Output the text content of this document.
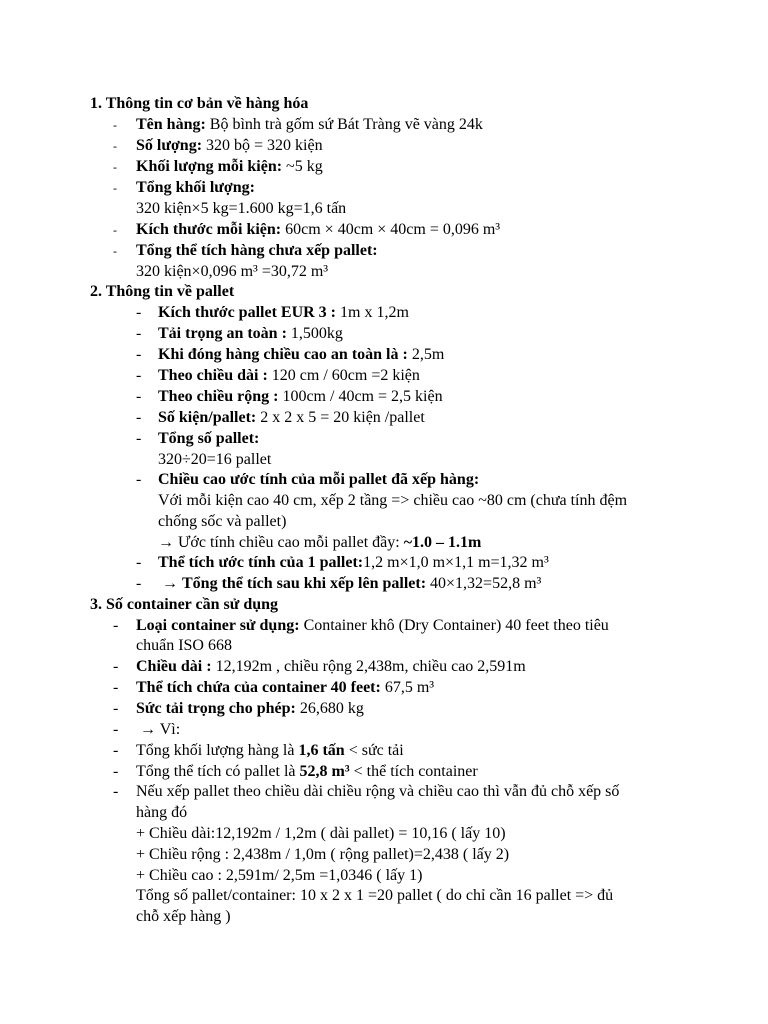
1. Thông tin cơ bản về hàng hóa
- Tên hàng: Bộ bình trà gốm sứ Bát Tràng vẽ vàng 24k
- Số lượng: 320 bộ = 320 kiện
- Khối lượng mỗi kiện: ~5 kg
- Tổng khối lượng:
320 kiện×5 kg=1.600 kg=1,6 tấn
- Kích thước mỗi kiện: 60cm × 40cm × 40cm = 0,096 m³
- Tổng thể tích hàng chưa xếp pallet:
320 kiện×0,096 m³ =30,72 m³
2. Thông tin về pallet
- Kích thước pallet EUR 3 : 1m x 1,2m
- Tải trọng an toàn : 1,500kg
- Khi đóng hàng chiều cao an toàn là : 2,5m
- Theo chiều dài : 120 cm / 60cm =2 kiện
- Theo chiều rộng : 100cm / 40cm = 2,5 kiện
- Số kiện/pallet: 2 x 2 x 5 = 20 kiện /pallet
- Tổng số pallet:
320÷20=16 pallet
- Chiều cao ước tính của mỗi pallet đã xếp hàng:
Với mỗi kiện cao 40 cm, xếp 2 tầng => chiều cao ~80 cm (chưa tính đệm
chống sốc và pallet)
→ Ước tính chiều cao mỗi pallet đầy: ~1.0 – 1.1m
- Thể tích ước tính của 1 pallet:1,2 m×1,0 m×1,1 m=1,32 m³
- → Tổng thể tích sau khi xếp lên pallet: 40×1,32=52,8 m³
3. Số container cần sử dụng
- Loại container sử dụng: Container khô (Dry Container) 40 feet theo tiêu
chuẩn ISO 668
- Chiều dài : 12,192m , chiều rộng 2,438m, chiều cao 2,591m
- Thể tích chứa của container 40 feet: 67,5 m³
- Sức tải trọng cho phép: 26,680 kg
- → Vì:
- Tổng khối lượng hàng là 1,6 tấn < sức tải
- Tổng thể tích có pallet là 52,8 m³ < thể tích container
- Nếu xếp pallet theo chiều dài chiều rộng và chiều cao thì vẫn đủ chỗ xếp số
hàng đó
+ Chiều dài:12,192m / 1,2m ( dài pallet) = 10,16 ( lấy 10)
+ Chiều rộng : 2,438m / 1,0m ( rộng pallet)=2,438 ( lấy 2)
+ Chiều cao : 2,591m/ 2,5m =1,0346 ( lấy 1)
Tổng số pallet/container: 10 x 2 x 1 =20 pallet ( do chỉ cần 16 pallet => đủ
chỗ xếp hàng )
